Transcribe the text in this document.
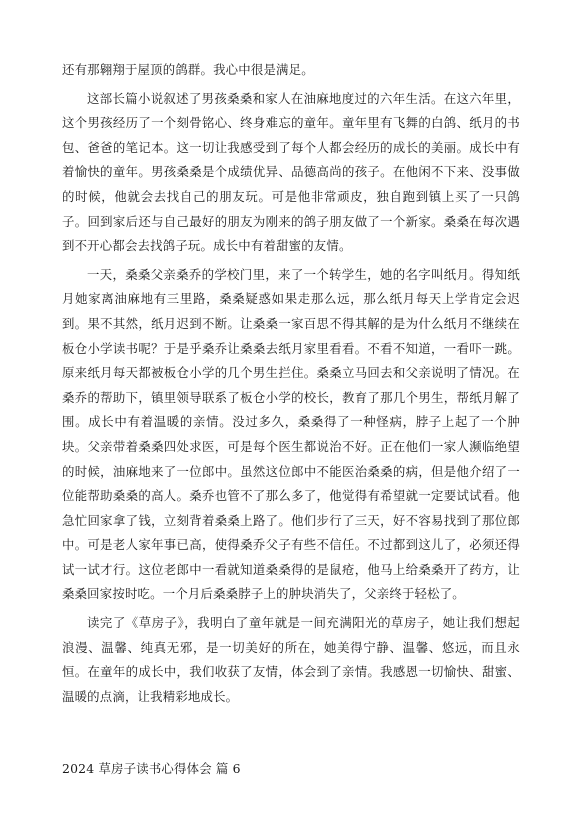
还有那翱翔于屋顶的鸽群。我心中很是满足。

这部长篇小说叙述了男孩桑桑和家人在油麻地度过的六年生活。在这六年里，这个男孩经历了一个刻骨铭心、终身难忘的童年。童年里有飞舞的白鸽、纸月的书包、爸爸的笔记本。这一切让我感受到了每个人都会经历的成长的美丽。成长中有着愉快的童年。男孩桑桑是个成绩优异、品德高尚的孩子。在他闲不下来、没事做的时候，他就会去找自己的朋友玩。可是他非常顽皮，独自跑到镇上买了一只鸽子。回到家后还与自己最好的朋友为刚来的鸽子朋友做了一个新家。桑桑在每次遇到不开心都会去找鸽子玩。成长中有着甜蜜的友情。

一天，桑桑父亲桑乔的学校门里，来了一个转学生，她的名字叫纸月。得知纸月她家离油麻地有三里路，桑桑疑惑如果走那么远，那么纸月每天上学肯定会迟到。果不其然，纸月迟到不断。让桑桑一家百思不得其解的是为什么纸月不继续在板仓小学读书呢？于是乎桑乔让桑桑去纸月家里看看。不看不知道，一看吓一跳。原来纸月每天都被板仓小学的几个男生拦住。桑桑立马回去和父亲说明了情况。在桑乔的帮助下，镇里领导联系了板仓小学的校长，教育了那几个男生，帮纸月解了围。成长中有着温暖的亲情。没过多久，桑桑得了一种怪病，脖子上起了一个肿块。父亲带着桑桑四处求医，可是每个医生都说治不好。正在他们一家人濒临绝望的时候，油麻地来了一位郎中。虽然这位郎中不能医治桑桑的病，但是他介绍了一位能帮助桑桑的高人。桑乔也管不了那么多了，他觉得有希望就一定要试试看。他急忙回家拿了钱，立刻背着桑桑上路了。他们步行了三天，好不容易找到了那位郎中。可是老人家年事已高，使得桑乔父子有些不信任。不过都到这儿了，必须还得试一试才行。这位老郎中一看就知道桑桑得的是鼠疮，他马上给桑桑开了药方，让桑桑回家按时吃。一个月后桑桑脖子上的肿块消失了，父亲终于轻松了。

读完了《草房子》，我明白了童年就是一间充满阳光的草房子，她让我们想起浪漫、温馨、纯真无邪，是一切美好的所在，她美得宁静、温馨、悠远，而且永恒。在童年的成长中，我们收获了友情，体会到了亲情。我感恩一切愉快、甜蜜、温暖的点滴，让我精彩地成长。

2024 草房子读书心得体会 篇 6
